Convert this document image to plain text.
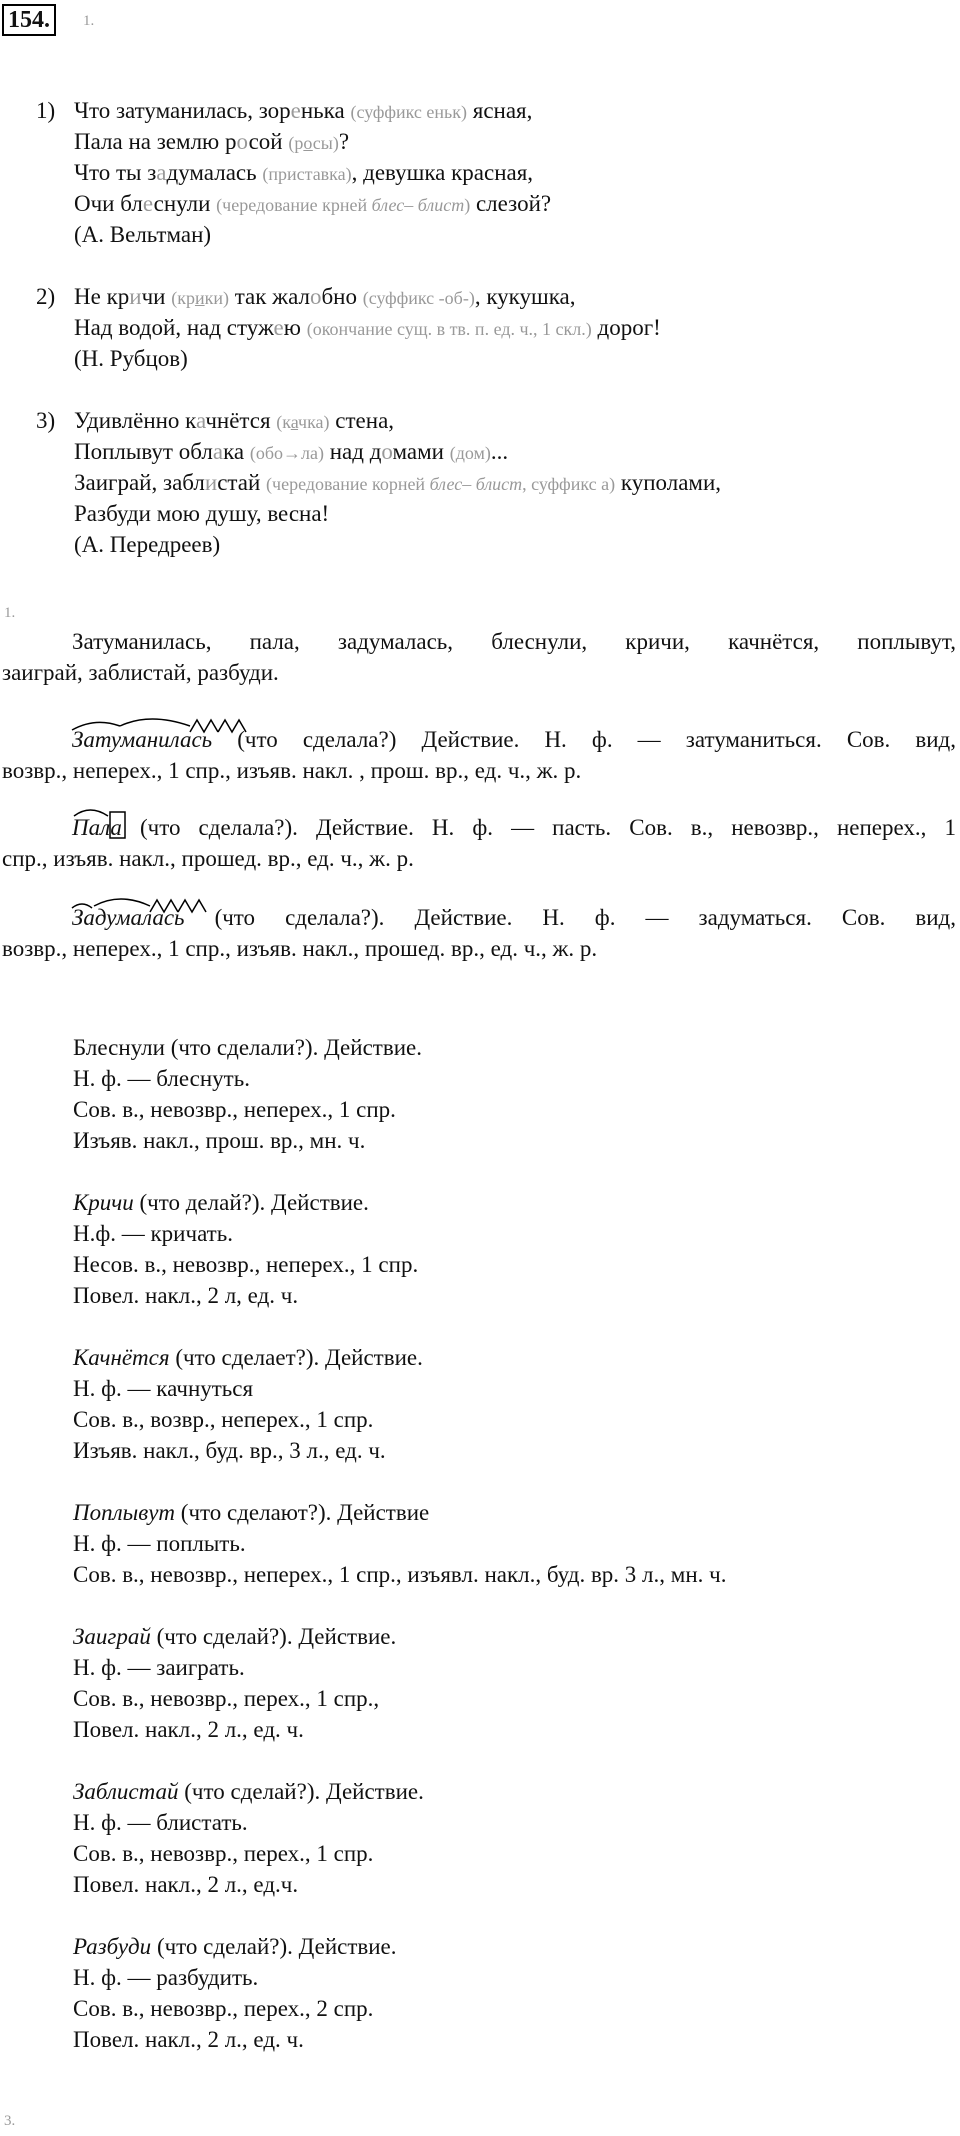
154.	1.
1) Что затуманилась, зоренька (суффикс еньк) ясная,
Пала на землю росой (росы)?
Что ты задумалась (приставка), девушка красная,
Очи блеснули (чередование крней блес– блист) слезой?
(А. Вельтман)
2) Не кричи (крики) так жалобно (суффикс -об-), кукушка,
Над водой, над стужею (окончание сущ. в тв. п. ед. ч., 1 скл.) дорог!
(Н. Рубцов)
3) Удивлённо качнётся (качка) стена,
Поплывут облака (обо→ла) над домами (дом)...
Заиграй, заблистай (чередование корней блес– блист, суффикс а) куполами,
Разбуди мою душу, весна!
(А. Передреев)
1.
Затуманилась, пала, задумалась, блеснули, кричи, качнётся, поплывут,
заиграй, заблистай, разбуди.
Затуманилась (что сделала?) Действие. Н. ф. — затуманиться. Сов. вид,
возвр., неперех., 1 спр., изъяв. накл. , прош. вр., ед. ч., ж. р.
Пала (что сделала?). Действие. Н. ф. — пасть. Сов. в., невозвр., неперех., 1
спр., изъяв. накл., прошед. вр., ед. ч., ж. р.
Задумалась (что сделала?). Действие. Н. ф. — задуматься. Сов. вид,
возвр., неперех., 1 спр., изъяв. накл., прошед. вр., ед. ч., ж. р.
Блеснули (что сделали?). Действие.
Н. ф. — блеснуть.
Сов. в., невозвр., неперех., 1 спр.
Изъяв. накл., прош. вр., мн. ч.
Кричи (что делай?). Действие.
Н.ф. — кричать.
Несов. в., невозвр., неперех., 1 спр.
Повел. накл., 2 л, ед. ч.
Качнётся (что сделает?). Действие.
Н. ф. — качнуться
Сов. в., возвр., неперех., 1 спр.
Изъяв. накл., буд. вр., 3 л., ед. ч.
Поплывут (что сделают?). Действие
Н. ф. — поплыть.
Сов. в., невозвр., неперех., 1 спр., изъявл. накл., буд. вр. 3 л., мн. ч.
Заиграй (что сделай?). Действие.
Н. ф. — заиграть.
Сов. в., невозвр., перех., 1 спр.,
Повел. накл., 2 л., ед. ч.
Заблистай (что сделай?). Действие.
Н. ф. — блистать.
Сов. в., невозвр., перех., 1 спр.
Повел. накл., 2 л., ед.ч.
Разбуди (что сделай?). Действие.
Н. ф. — разбудить.
Сов. в., невозвр., перех., 2 спр.
Повел. накл., 2 л., ед. ч.
3.
